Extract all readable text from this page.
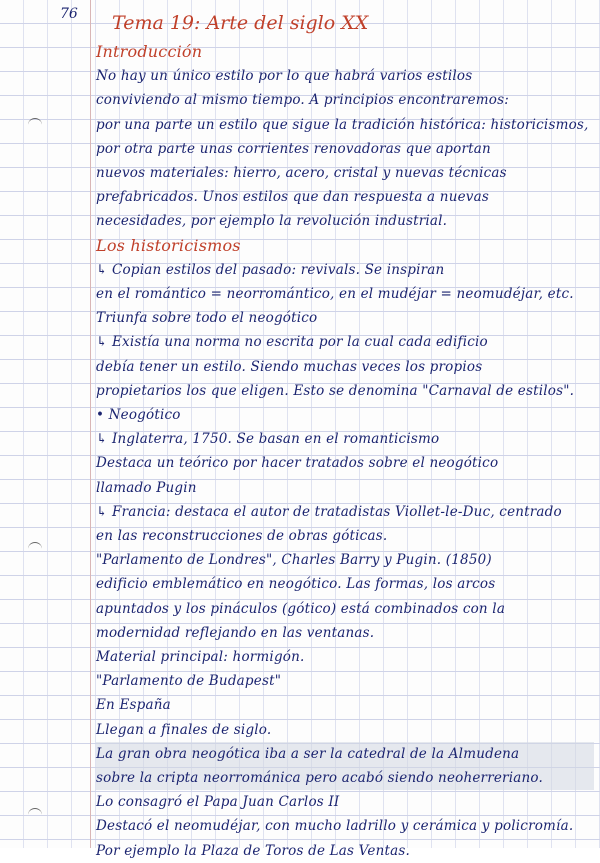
76 Tema 19: Arte del siglo XX
Introducción
No hay un único estilo por lo que habrá varios estilos
conviviendo al mismo tiempo. A principios encontraremos:
por una parte un estilo que sigue la tradición histórica: historicismos,
por otra parte unas corrientes renovadoras que aportan
nuevos materiales: hierro, acero, cristal y nuevas técnicas
prefabricados. Unos estilos que dan respuesta a nuevas
necesidades, por ejemplo la revolución industrial.
Los historicismos
↳ Copian estilos del pasado: revivals. Se inspiran
en el romántico = neorromántico, en el mudéjar = neomudéjar, etc.
Triunfa sobre todo el neogótico
↳ Existía una norma no escrita por la cual cada edificio
debía tener un estilo. Siendo muchas veces los propios
propietarios los que eligen. Esto se denomina "Carnaval de estilos".
• Neogótico
↳ Inglaterra, 1750. Se basan en el romanticismo
Destaca un teórico por hacer tratados sobre el neogótico
llamado Pugin
↳ Francia: destaca el autor de tratadistas Viollet-le-Duc, centrado
en las reconstrucciones de obras góticas.
"Parlamento de Londres", Charles Barry y Pugin. (1850)
edificio emblemático en neogótico. Las formas, los arcos
apuntados y los pináculos (gótico) está combinados con la
modernidad reflejando en las ventanas.
Material principal: hormigón.
"Parlamento de Budapest"
En España
Llegan a finales de siglo.
La gran obra neogótica iba a ser la catedral de la Almudena
sobre la cripta neorrománica pero acabó siendo neoherreriano.
Lo consagró el Papa Juan Carlos II
Destacó el neomudéjar, con mucho ladrillo y cerámica y policromía.
Por ejemplo la Plaza de Toros de Las Ventas.
